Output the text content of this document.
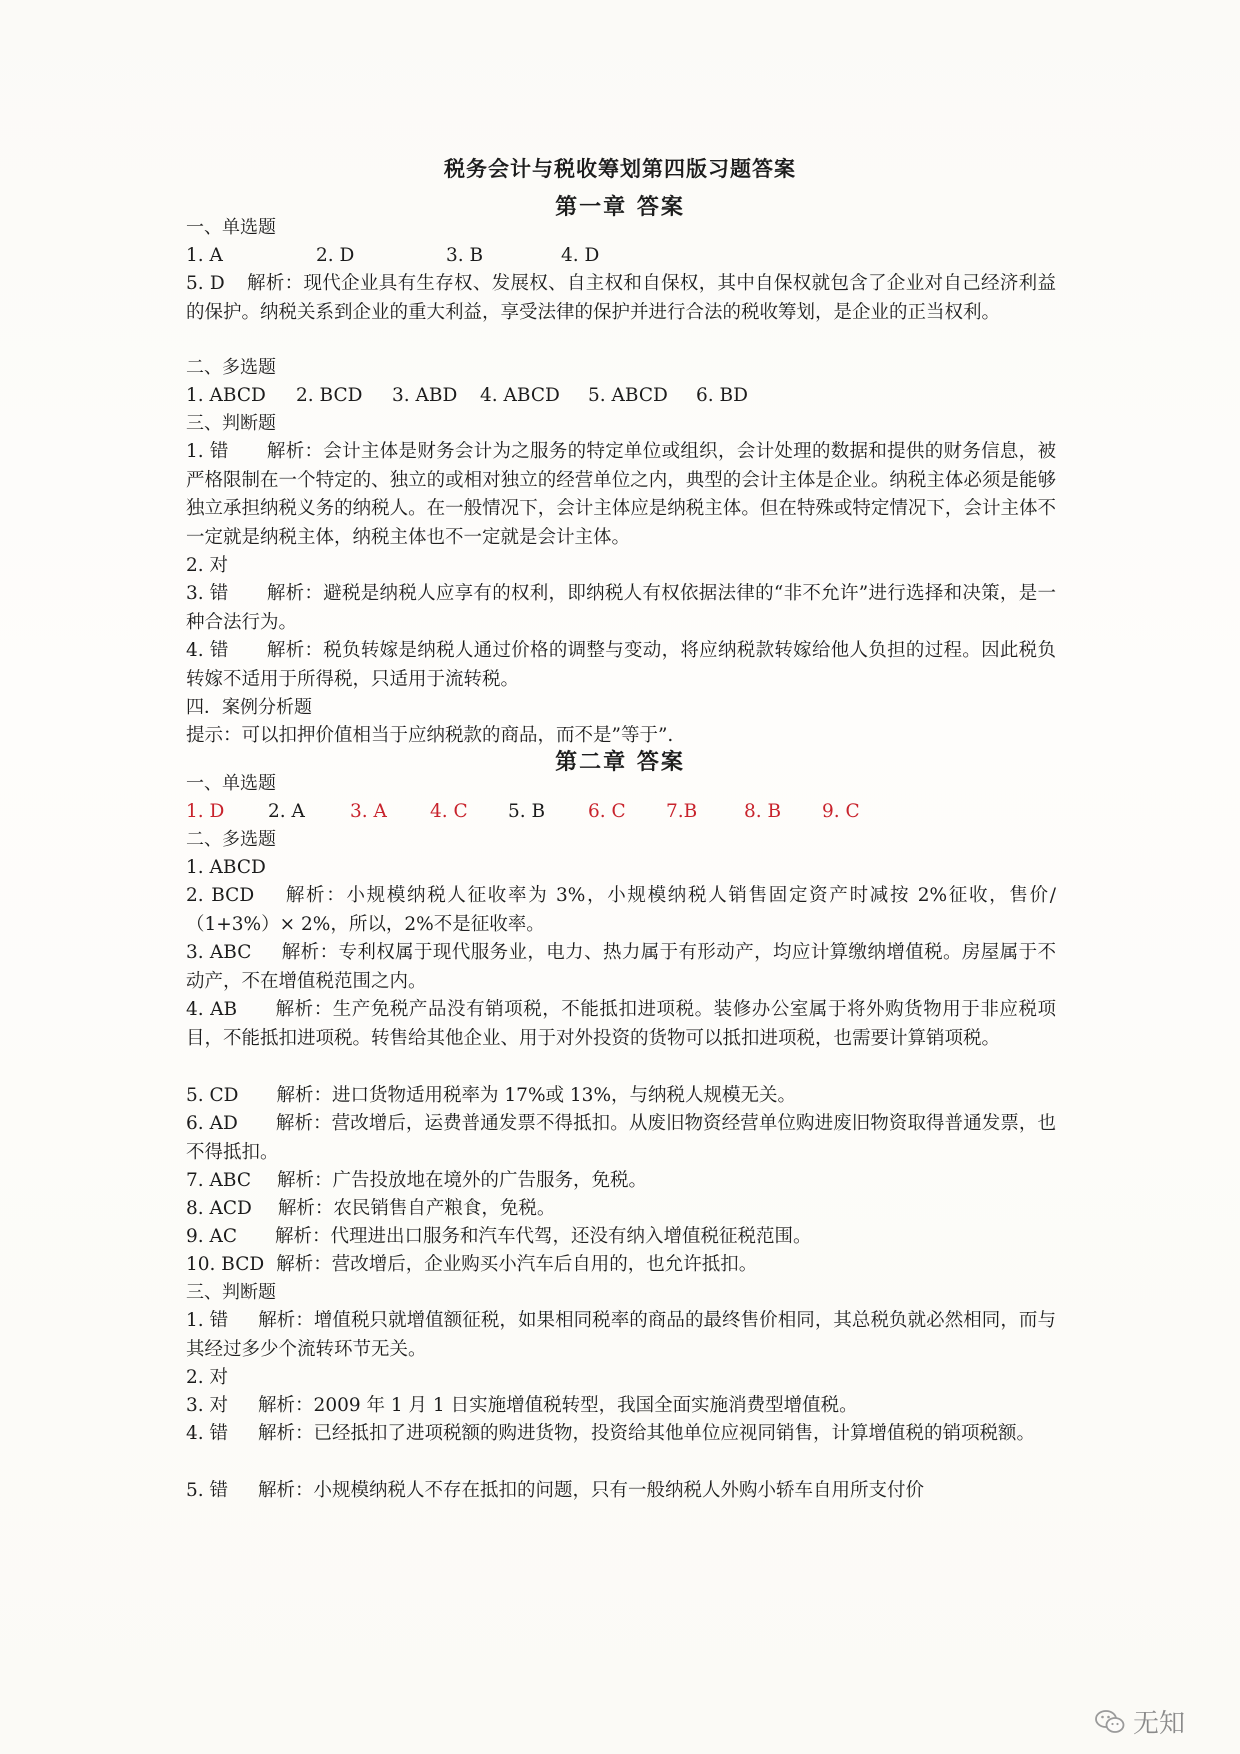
税务会计与税收筹划第四版习题答案
第一章 答案
一、单选题
1. A	2. D	3. B	4. D
5. D 解析：现代企业具有生存权、发展权、自主权和自保权，其中自保权就包含了企业对自己经济利益的保护。纳税关系到企业的重大利益，享受法律的保护并进行合法的税收筹划，是企业的正当权利。
二、多选题
1. ABCD 2. BCD 3. ABD 4. ABCD 5. ABCD 6. BD
三、判断题
1. 错 解析：会计主体是财务会计为之服务的特定单位或组织，会计处理的数据和提供的财务信息，被严格限制在一个特定的、独立的或相对独立的经营单位之内，典型的会计主体是企业。纳税主体必须是能够独立承担纳税义务的纳税人。在一般情况下，会计主体应是纳税主体。但在特殊或特定情况下，会计主体不一定就是纳税主体，纳税主体也不一定就是会计主体。
2. 对
3. 错 解析：避税是纳税人应享有的权利，即纳税人有权依据法律的“非不允许”进行选择和决策，是一种合法行为。
4. 错 解析：税负转嫁是纳税人通过价格的调整与变动，将应纳税款转嫁给他人负担的过程。因此税负转嫁不适用于所得税，只适用于流转税。
四．案例分析题
提示：可以扣押价值相当于应纳税款的商品，而不是”等于”.
第二章 答案
一、单选题
1. D 2. A 3. A 4. C 5. B 6. C 7.B	8. B 9. C
二、多选题
1. ABCD
2. BCD 解析：小规模纳税人征收率为 3%，小规模纳税人销售固定资产时减按 2%征收，售价/（1+3%）× 2%，所以，2%不是征收率。
3. ABC 解析：专利权属于现代服务业，电力、热力属于有形动产，均应计算缴纳增值税。房屋属于不动产，不在增值税范围之内。
4. AB 解析：生产免税产品没有销项税，不能抵扣进项税。装修办公室属于将外购货物用于非应税项目，不能抵扣进项税。转售给其他企业、用于对外投资的货物可以抵扣进项税，也需要计算销项税。
5. CD 解析：进口货物适用税率为 17%或 13%，与纳税人规模无关。
6. AD 解析：营改增后，运费普通发票不得抵扣。从废旧物资经营单位购进废旧物资取得普通发票，也不得抵扣。
7. ABC 解析：广告投放地在境外的广告服务，免税。
8. ACD 解析：农民销售自产粮食，免税。
9. AC 解析：代理进出口服务和汽车代驾，还没有纳入增值税征税范围。
10. BCD 解析：营改增后，企业购买小汽车后自用的，也允许抵扣。
三、判断题
1. 错 解析：增值税只就增值额征税，如果相同税率的商品的最终售价相同，其总税负就必然相同，而与其经过多少个流转环节无关。
2. 对
3. 对 解析：2009 年 1 月 1 日实施增值税转型，我国全面实施消费型增值税。
4. 错 解析：已经抵扣了进项税额的购进货物，投资给其他单位应视同销售，计算增值税的销项税额。
5. 错 解析：小规模纳税人不存在抵扣的问题，只有一般纳税人外购小轿车自用所支付价
无知
